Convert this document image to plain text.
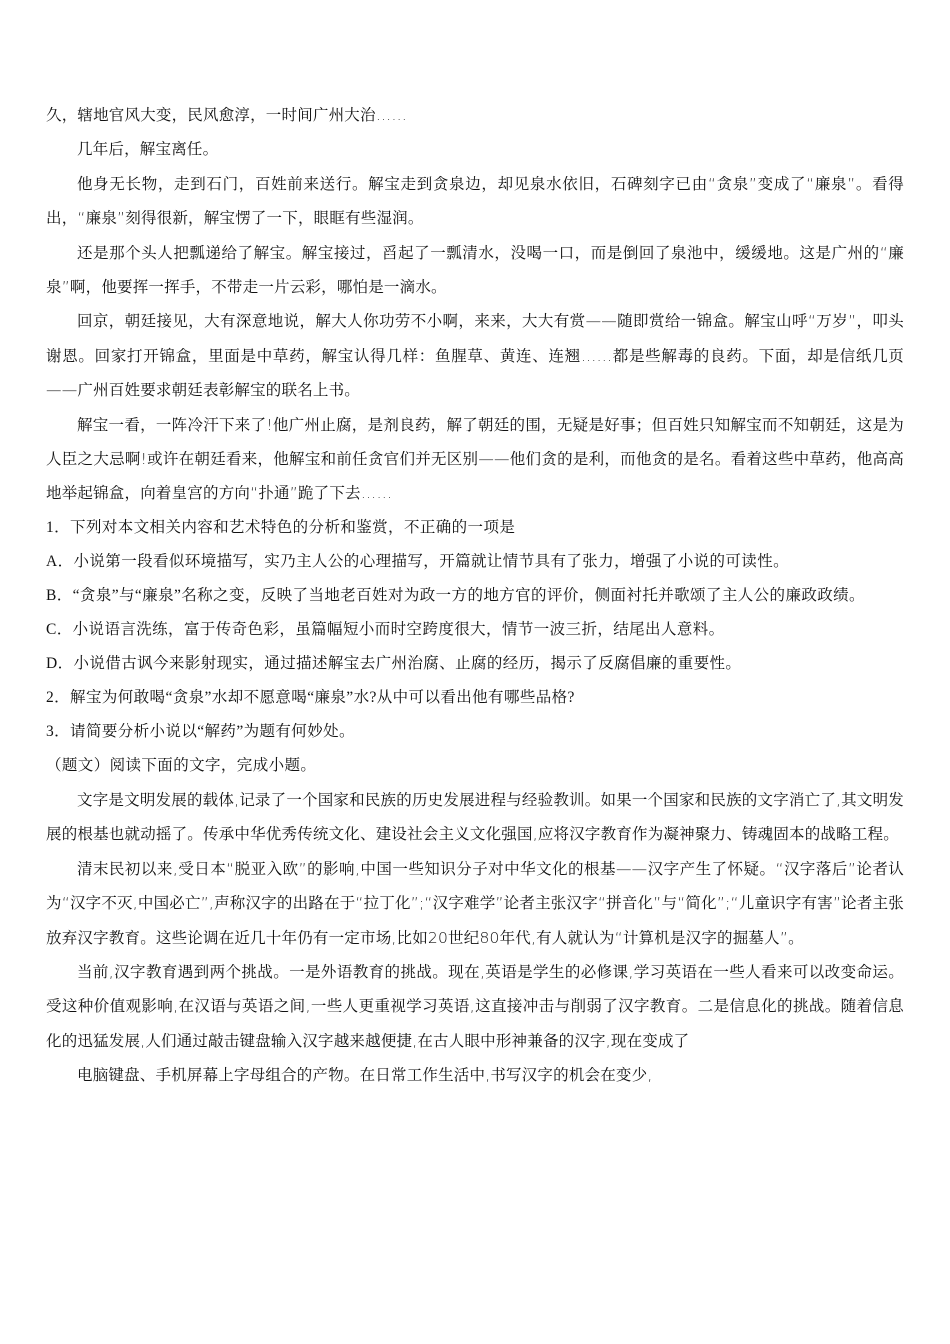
久，辖地官风大变，民风愈淳，一时间广州大治……

几年后，解宝离任。

他身无长物，走到石门，百姓前来送行。解宝走到贪泉边，却见泉水依旧，石碑刻字已由“贪泉”变成了“廉泉”。看得出，“廉泉”刻得很新，解宝愣了一下，眼眶有些湿润。

还是那个头人把瓢递给了解宝。解宝接过，舀起了一瓢清水，没喝一口，而是倒回了泉池中，缓缓地。这是广州的“廉泉”啊，他要挥一挥手，不带走一片云彩，哪怕是一滴水。

回京，朝廷接见，大有深意地说，解大人你功劳不小啊，来来，大大有赏——随即赏给一锦盒。解宝山呼“万岁”，叩头谢恩。回家打开锦盒，里面是中草药，解宝认得几样：鱼腥草、黄连、连翘……都是些解毒的良药。下面，却是信纸几页——广州百姓要求朝廷表彰解宝的联名上书。

解宝一看，一阵冷汗下来了!他广州止腐，是剂良药，解了朝廷的围，无疑是好事；但百姓只知解宝而不知朝廷，这是为人臣之大忌啊!或许在朝廷看来，他解宝和前任贪官们并无区别——他们贪的是利，而他贪的是名。看着这些中草药，他高高地举起锦盒，向着皇宫的方向“扑通”跪了下去……

1．下列对本文相关内容和艺术特色的分析和鉴赏，不正确的一项是

A．小说第一段看似环境描写，实乃主人公的心理描写，开篇就让情节具有了张力，增强了小说的可读性。

B．“贪泉”与“廉泉”名称之变，反映了当地老百姓对为政一方的地方官的评价，侧面衬托并歌颂了主人公的廉政政绩。

C．小说语言洗练，富于传奇色彩，虽篇幅短小而时空跨度很大，情节一波三折，结尾出人意料。

D．小说借古讽今来影射现实，通过描述解宝去广州治腐、止腐的经历，揭示了反腐倡廉的重要性。

2．解宝为何敢喝“贪泉”水却不愿意喝“廉泉”水?从中可以看出他有哪些品格?

3．请简要分析小说以“解药”为题有何妙处。

（题文）阅读下面的文字，完成小题。

文字是文明发展的载体,记录了一个国家和民族的历史发展进程与经验教训。如果一个国家和民族的文字消亡了,其文明发展的根基也就动摇了。传承中华优秀传统文化、建设社会主义文化强国,应将汉字教育作为凝神聚力、铸魂固本的战略工程。

清末民初以来,受日本“脱亚入欧”的影响,中国一些知识分子对中华文化的根基——汉字产生了怀疑。“汉字落后”论者认为“汉字不灭,中国必亡”,声称汉字的出路在于“拉丁化”;“汉字难学”论者主张汉字“拼音化”与“简化”;“儿童识字有害”论者主张放弃汉字教育。这些论调在近几十年仍有一定市场,比如20世纪80年代,有人就认为“计算机是汉字的掘墓人”。

当前,汉字教育遇到两个挑战。一是外语教育的挑战。现在,英语是学生的必修课,学习英语在一些人看来可以改变命运。受这种价值观影响,在汉语与英语之间,一些人更重视学习英语,这直接冲击与削弱了汉字教育。二是信息化的挑战。随着信息化的迅猛发展,人们通过敲击键盘输入汉字越来越便捷,在古人眼中形神兼备的汉字,现在变成了

电脑键盘、手机屏幕上字母组合的产物。在日常工作生活中,书写汉字的机会在变少,
